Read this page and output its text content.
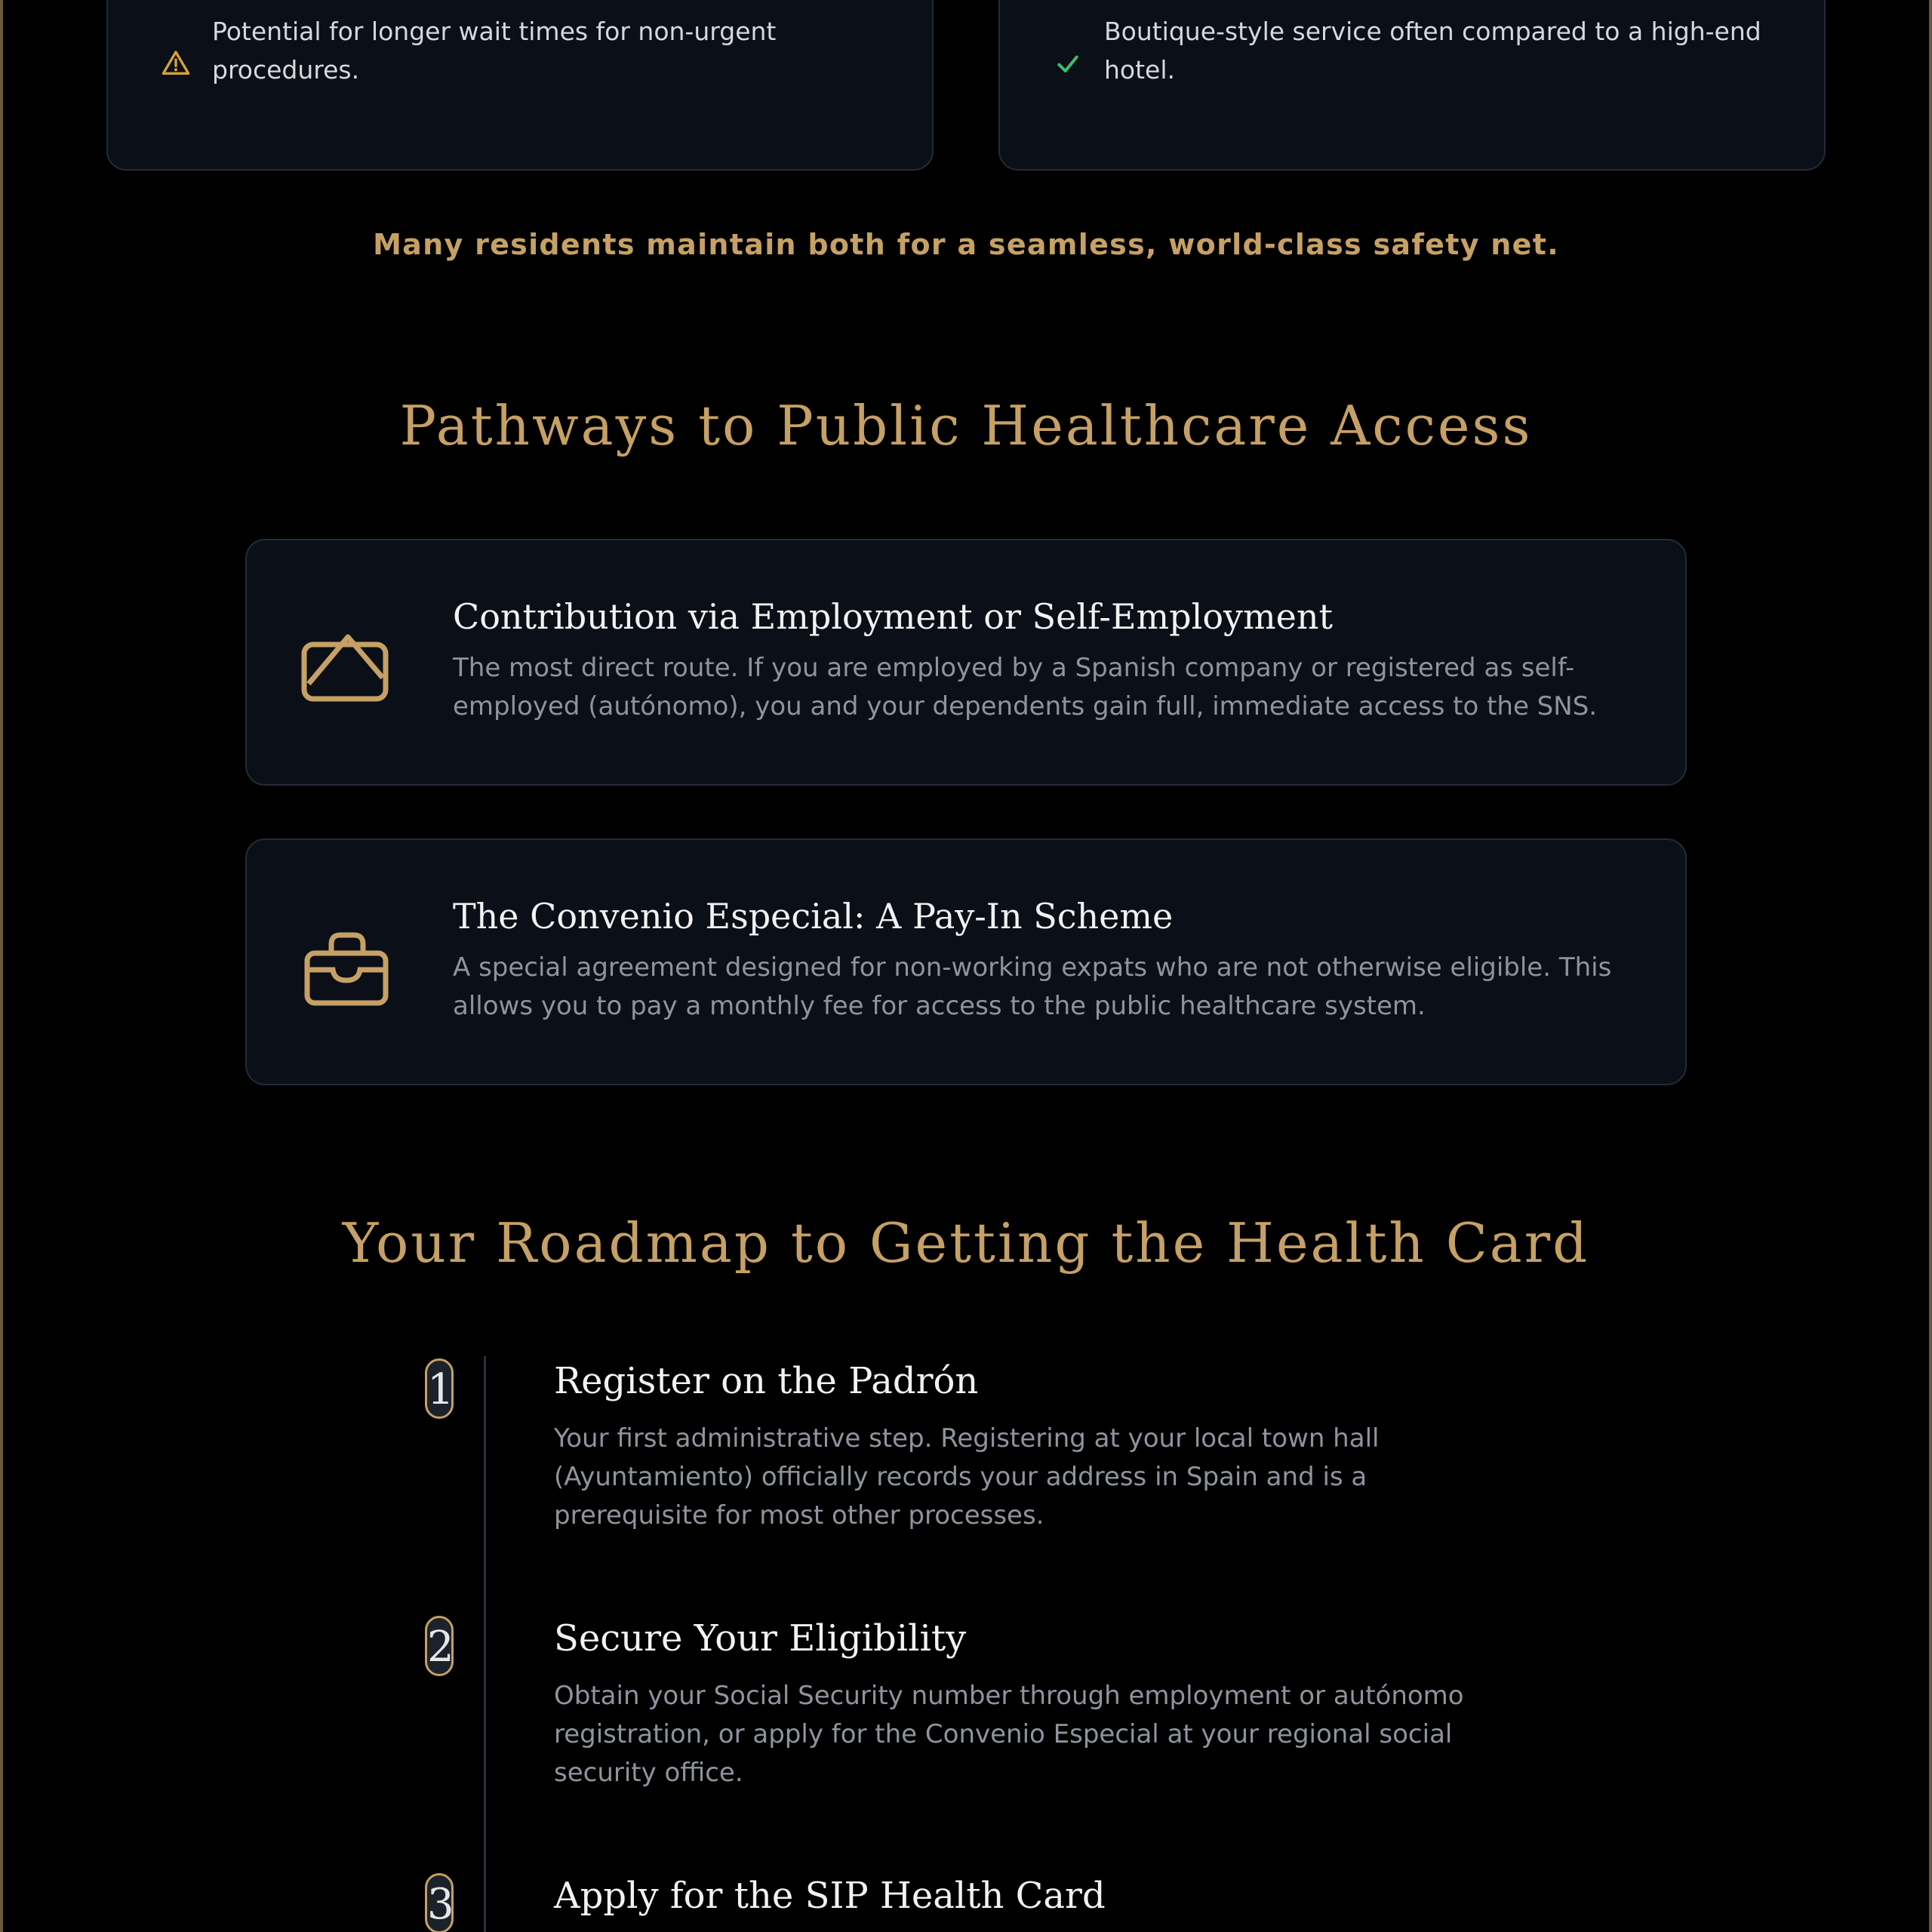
Potential for longer wait times for non-urgent procedures.
Boutique-style service often compared to a high-end hotel.
Many residents maintain both for a seamless, world-class safety net.
Pathways to Public Healthcare Access
Contribution via Employment or Self-Employment
The most direct route. If you are employed by a Spanish company or registered as self-employed (autónomo), you and your dependents gain full, immediate access to the SNS.
The Convenio Especial: A Pay-In Scheme
A special agreement designed for non-working expats who are not otherwise eligible. This allows you to pay a monthly fee for access to the public healthcare system.
Your Roadmap to Getting the Health Card
1	Register on the Padrón
Your first administrative step. Registering at your local town hall (Ayuntamiento) officially records your address in Spain and is a prerequisite for most other processes.
2	Secure Your Eligibility
Obtain your Social Security number through employment or autónomo registration, or apply for the Convenio Especial at your regional social security office.
3	Apply for the SIP Health Card
